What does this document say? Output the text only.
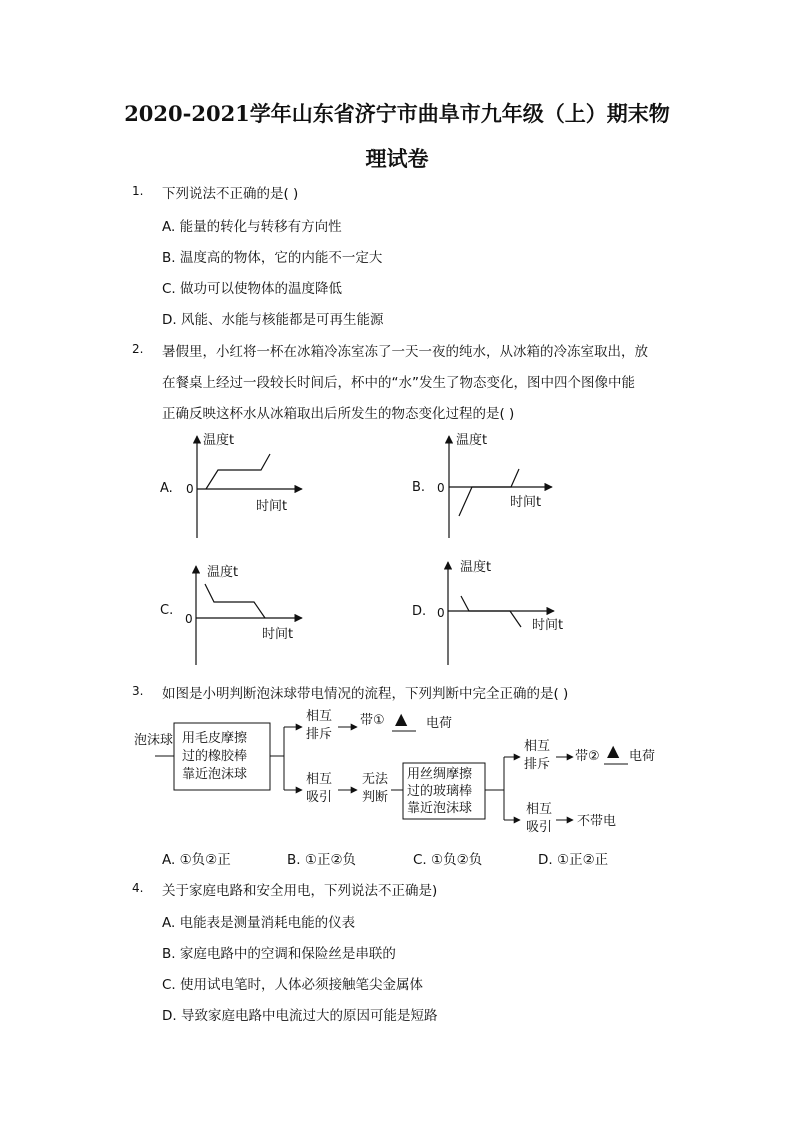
2020-2021学年山东省济宁市曲阜市九年级（上）期末物
理试卷
1. 下列说法不正确的是( )
A. 能量的转化与转移有方向性
B. 温度高的物体，它的内能不一定大
C. 做功可以使物体的温度降低
D. 风能、水能与核能都是可再生能源
2. 暑假里，小红将一杯在冰箱冷冻室冻了一天一夜的纯水，从冰箱的冷冻室取出，放
在餐桌上经过一段较长时间后，杯中的“水”发生了物态变化，图中四个图像中能
正确反映这杯水从冰箱取出后所发生的物态变化过程的是( )
A.
温度t
时间t
0	B.
温度t
时间t
0
C.
温度t
时间t
0	D.
温度t
时间t
0
泡沫球 用毛皮摩擦
过的橡胶棒
靠近泡沫球
相互
排斥
带① ▲ 电荷
相互
吸引
无法
判断
用丝绸摩擦
过的玻璃棒
靠近泡沫球
相互
排斥
带② ▲ 电荷
相互
吸引 不带电
3. 如图是小明判断泡沫球带电情况的流程，下列判断中完全正确的是( )
A. ①负②正	B. ①正②负	C. ①负②负	D. ①正②正
4. 关于家庭电路和安全用电，下列说法不正确是)
A. 电能表是测量消耗电能的仪表
B. 家庭电路中的空调和保险丝是串联的
C. 使用试电笔时，人体必须接触笔尖金属体
D. 导致家庭电路中电流过大的原因可能是短路
